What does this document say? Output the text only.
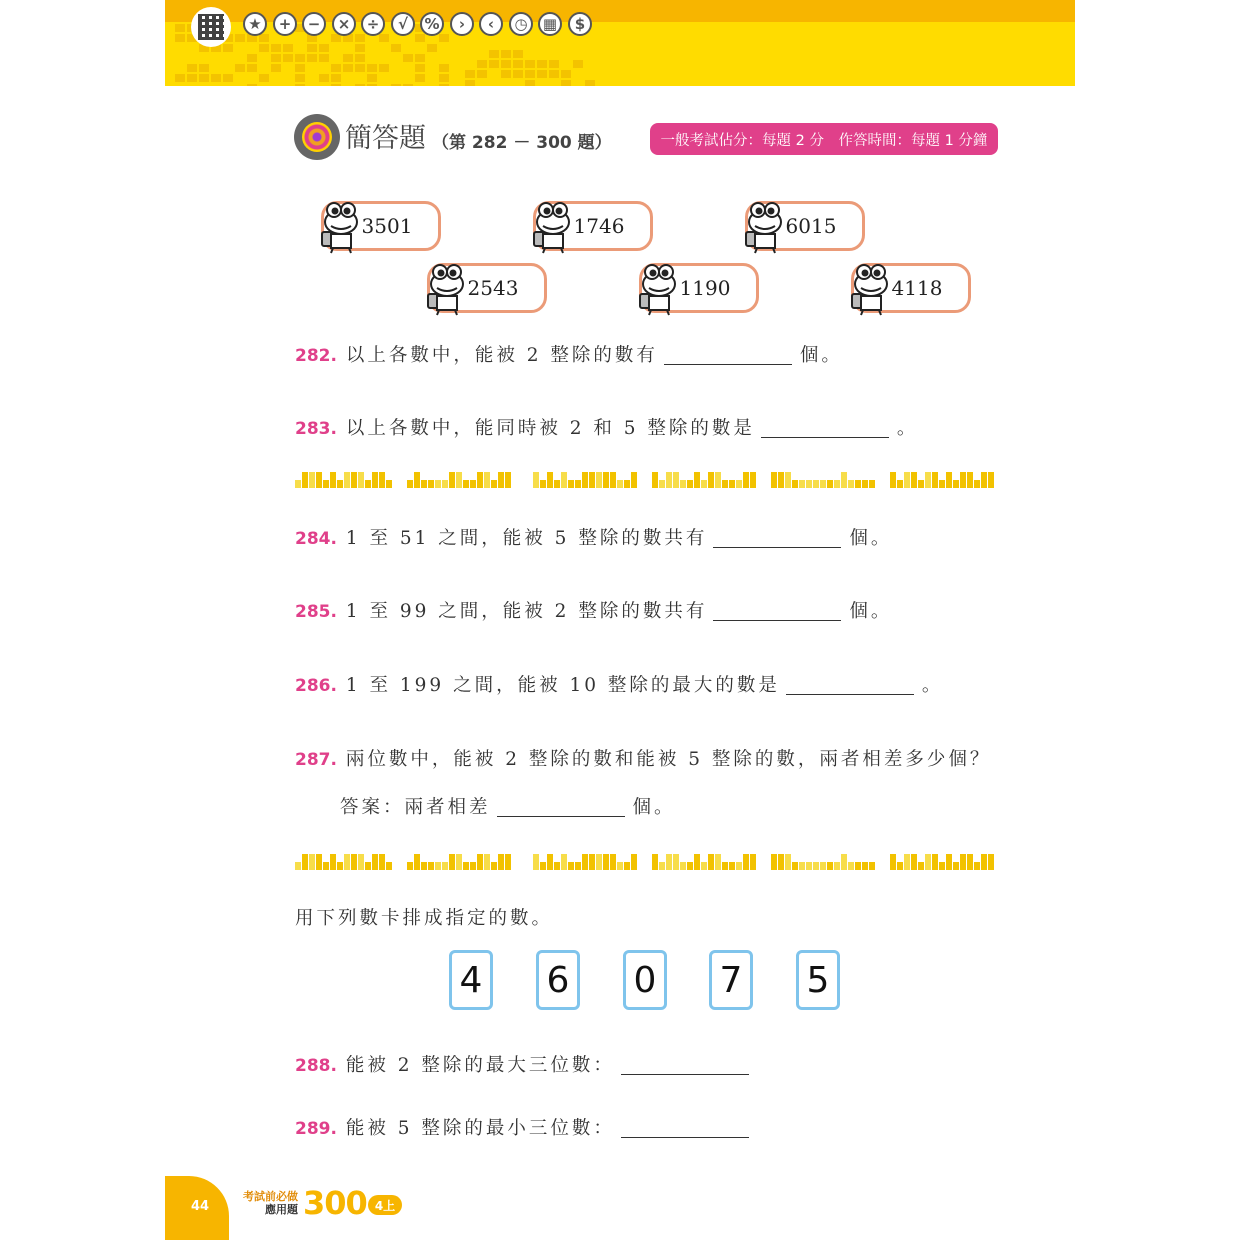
★	+	−	×	÷	√	%	›	‹	◷	▦	$
簡答題 （第 282 － 300 題）	一般考試佔分：每題 2 分　作答時間：每題 1 分鐘
3501	1746	6015
2543	1190	4118
282. 以上各數中，能被 2 整除的數有	個。
283. 以上各數中，能同時被 2 和 5 整除的數是	。
284. 1 至 51 之間，能被 5 整除的數共有	個。
285. 1 至 99 之間，能被 2 整除的數共有	個。
286. 1 至 199 之間，能被 10 整除的最大的數是	。
287. 兩位數中，能被 2 整除的數和能被 5 整除的數，兩者相差多少個？
答案：兩者相差	個。
用下列數卡排成指定的數。
4 6 0 7 5
288. 能被 2 整除的最大三位數：
289. 能被 5 整除的最小三位數：
44
考試前必做
應用題 300 4上
